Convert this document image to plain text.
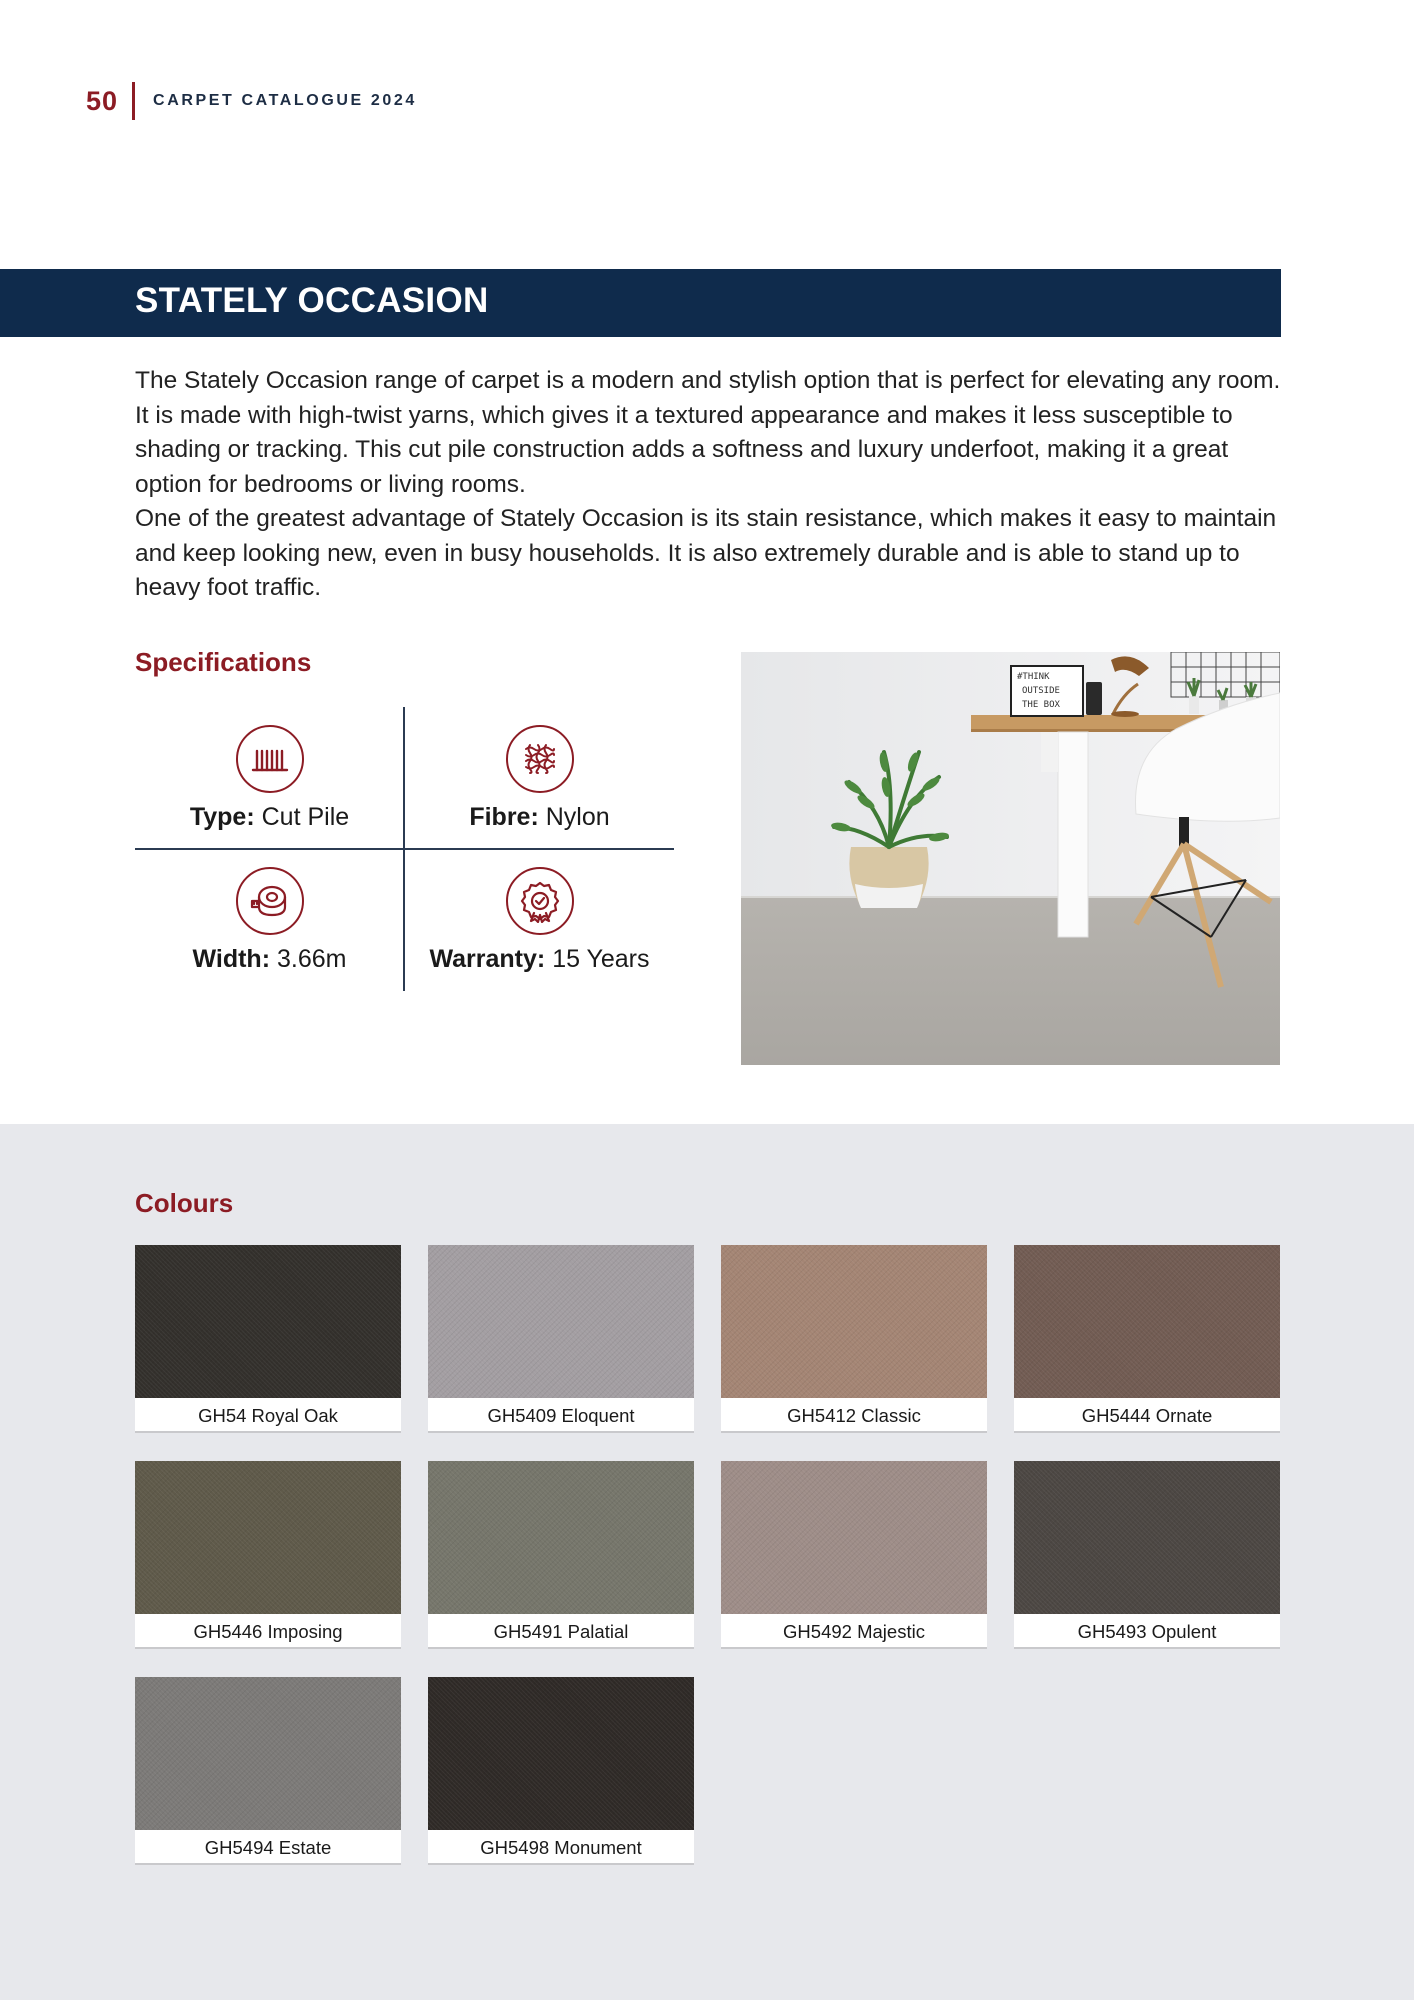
50 CARPET CATALOGUE 2024
STATELY OCCASION

The Stately Occasion range of carpet is a modern and stylish option that is perfect for elevating any room. It is made with high-twist yarns, which gives it a textured appearance and makes it less susceptible to shading or tracking. This cut pile construction adds a softness and luxury underfoot, making it a great option for bedrooms or living rooms.

One of the greatest advantage of Stately Occasion is its stain resistance, which makes it easy to maintain and keep looking new, even in busy households. It is also extremely durable and is able to stand up to heavy foot traffic.

Specifications
Type: Cut Pile	Fibre: Nylon
Width: 3.66m	Warranty: 15 Years
#THINK
OUTSIDE
THE BOX
Colours
GH54 Royal Oak	GH5409 Eloquent	GH5412 Classic	GH5444 Ornate
GH5446 Imposing	GH5491 Palatial	GH5492 Majestic	GH5493 Opulent
GH5494 Estate	GH5498 Monument
